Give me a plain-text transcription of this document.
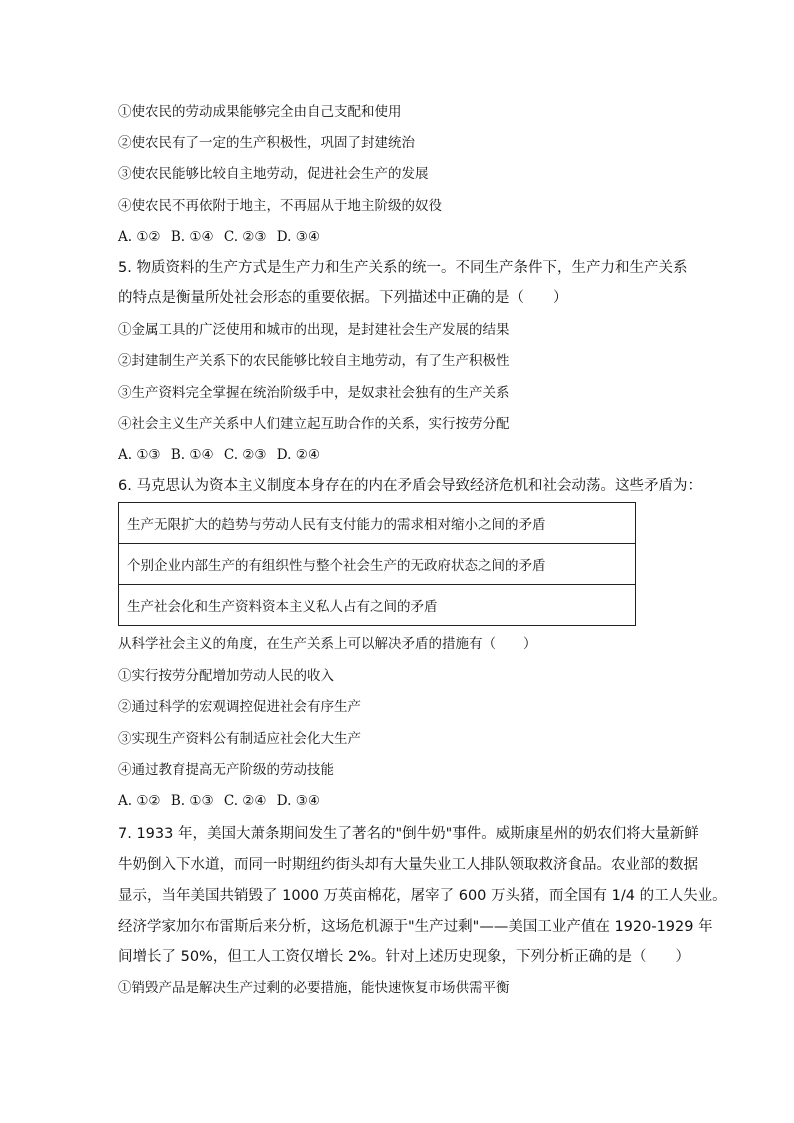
①使农民的劳动成果能够完全由自己支配和使用
②使农民有了一定的生产积极性，巩固了封建统治
③使农民能够比较自主地劳动，促进社会生产的发展
④使农民不再依附于地主，不再屈从于地主阶级的奴役
A. ①② B. ①④ C. ②③ D. ③④
5. 物质资料的生产方式是生产力和生产关系的统一。不同生产条件下，生产力和生产关系
的特点是衡量所处社会形态的重要依据。下列描述中正确的是（　　）
①金属工具的广泛使用和城市的出现，是封建社会生产发展的结果
②封建制生产关系下的农民能够比较自主地劳动，有了生产积极性
③生产资料完全掌握在统治阶级手中，是奴隶社会独有的生产关系
④社会主义生产关系中人们建立起互助合作的关系，实行按劳分配
A. ①③ B. ①④ C. ②③ D. ②④
6. 马克思认为资本主义制度本身存在的内在矛盾会导致经济危机和社会动荡。这些矛盾为：
生产无限扩大的趋势与劳动人民有支付能力的需求相对缩小之间的矛盾
个别企业内部生产的有组织性与整个社会生产的无政府状态之间的矛盾
生产社会化和生产资料资本主义私人占有之间的矛盾
从科学社会主义的角度，在生产关系上可以解决矛盾的措施有（　　）
①实行按劳分配增加劳动人民的收入
②通过科学的宏观调控促进社会有序生产
③实现生产资料公有制适应社会化大生产
④通过教育提高无产阶级的劳动技能
A. ①② B. ①③ C. ②④ D. ③④
7. 1933 年，美国大萧条期间发生了著名的"倒牛奶"事件。威斯康星州的奶农们将大量新鲜
牛奶倒入下水道，而同一时期纽约街头却有大量失业工人排队领取救济食品。农业部的数据
显示，当年美国共销毁了 1000 万英亩棉花，屠宰了 600 万头猪，而全国有 1/4 的工人失业。
经济学家加尔布雷斯后来分析，这场危机源于"生产过剩"——美国工业产值在 1920-1929 年
间增长了 50%，但工人工资仅增长 2%。针对上述历史现象，下列分析正确的是（　　）
①销毁产品是解决生产过剩的必要措施，能快速恢复市场供需平衡
